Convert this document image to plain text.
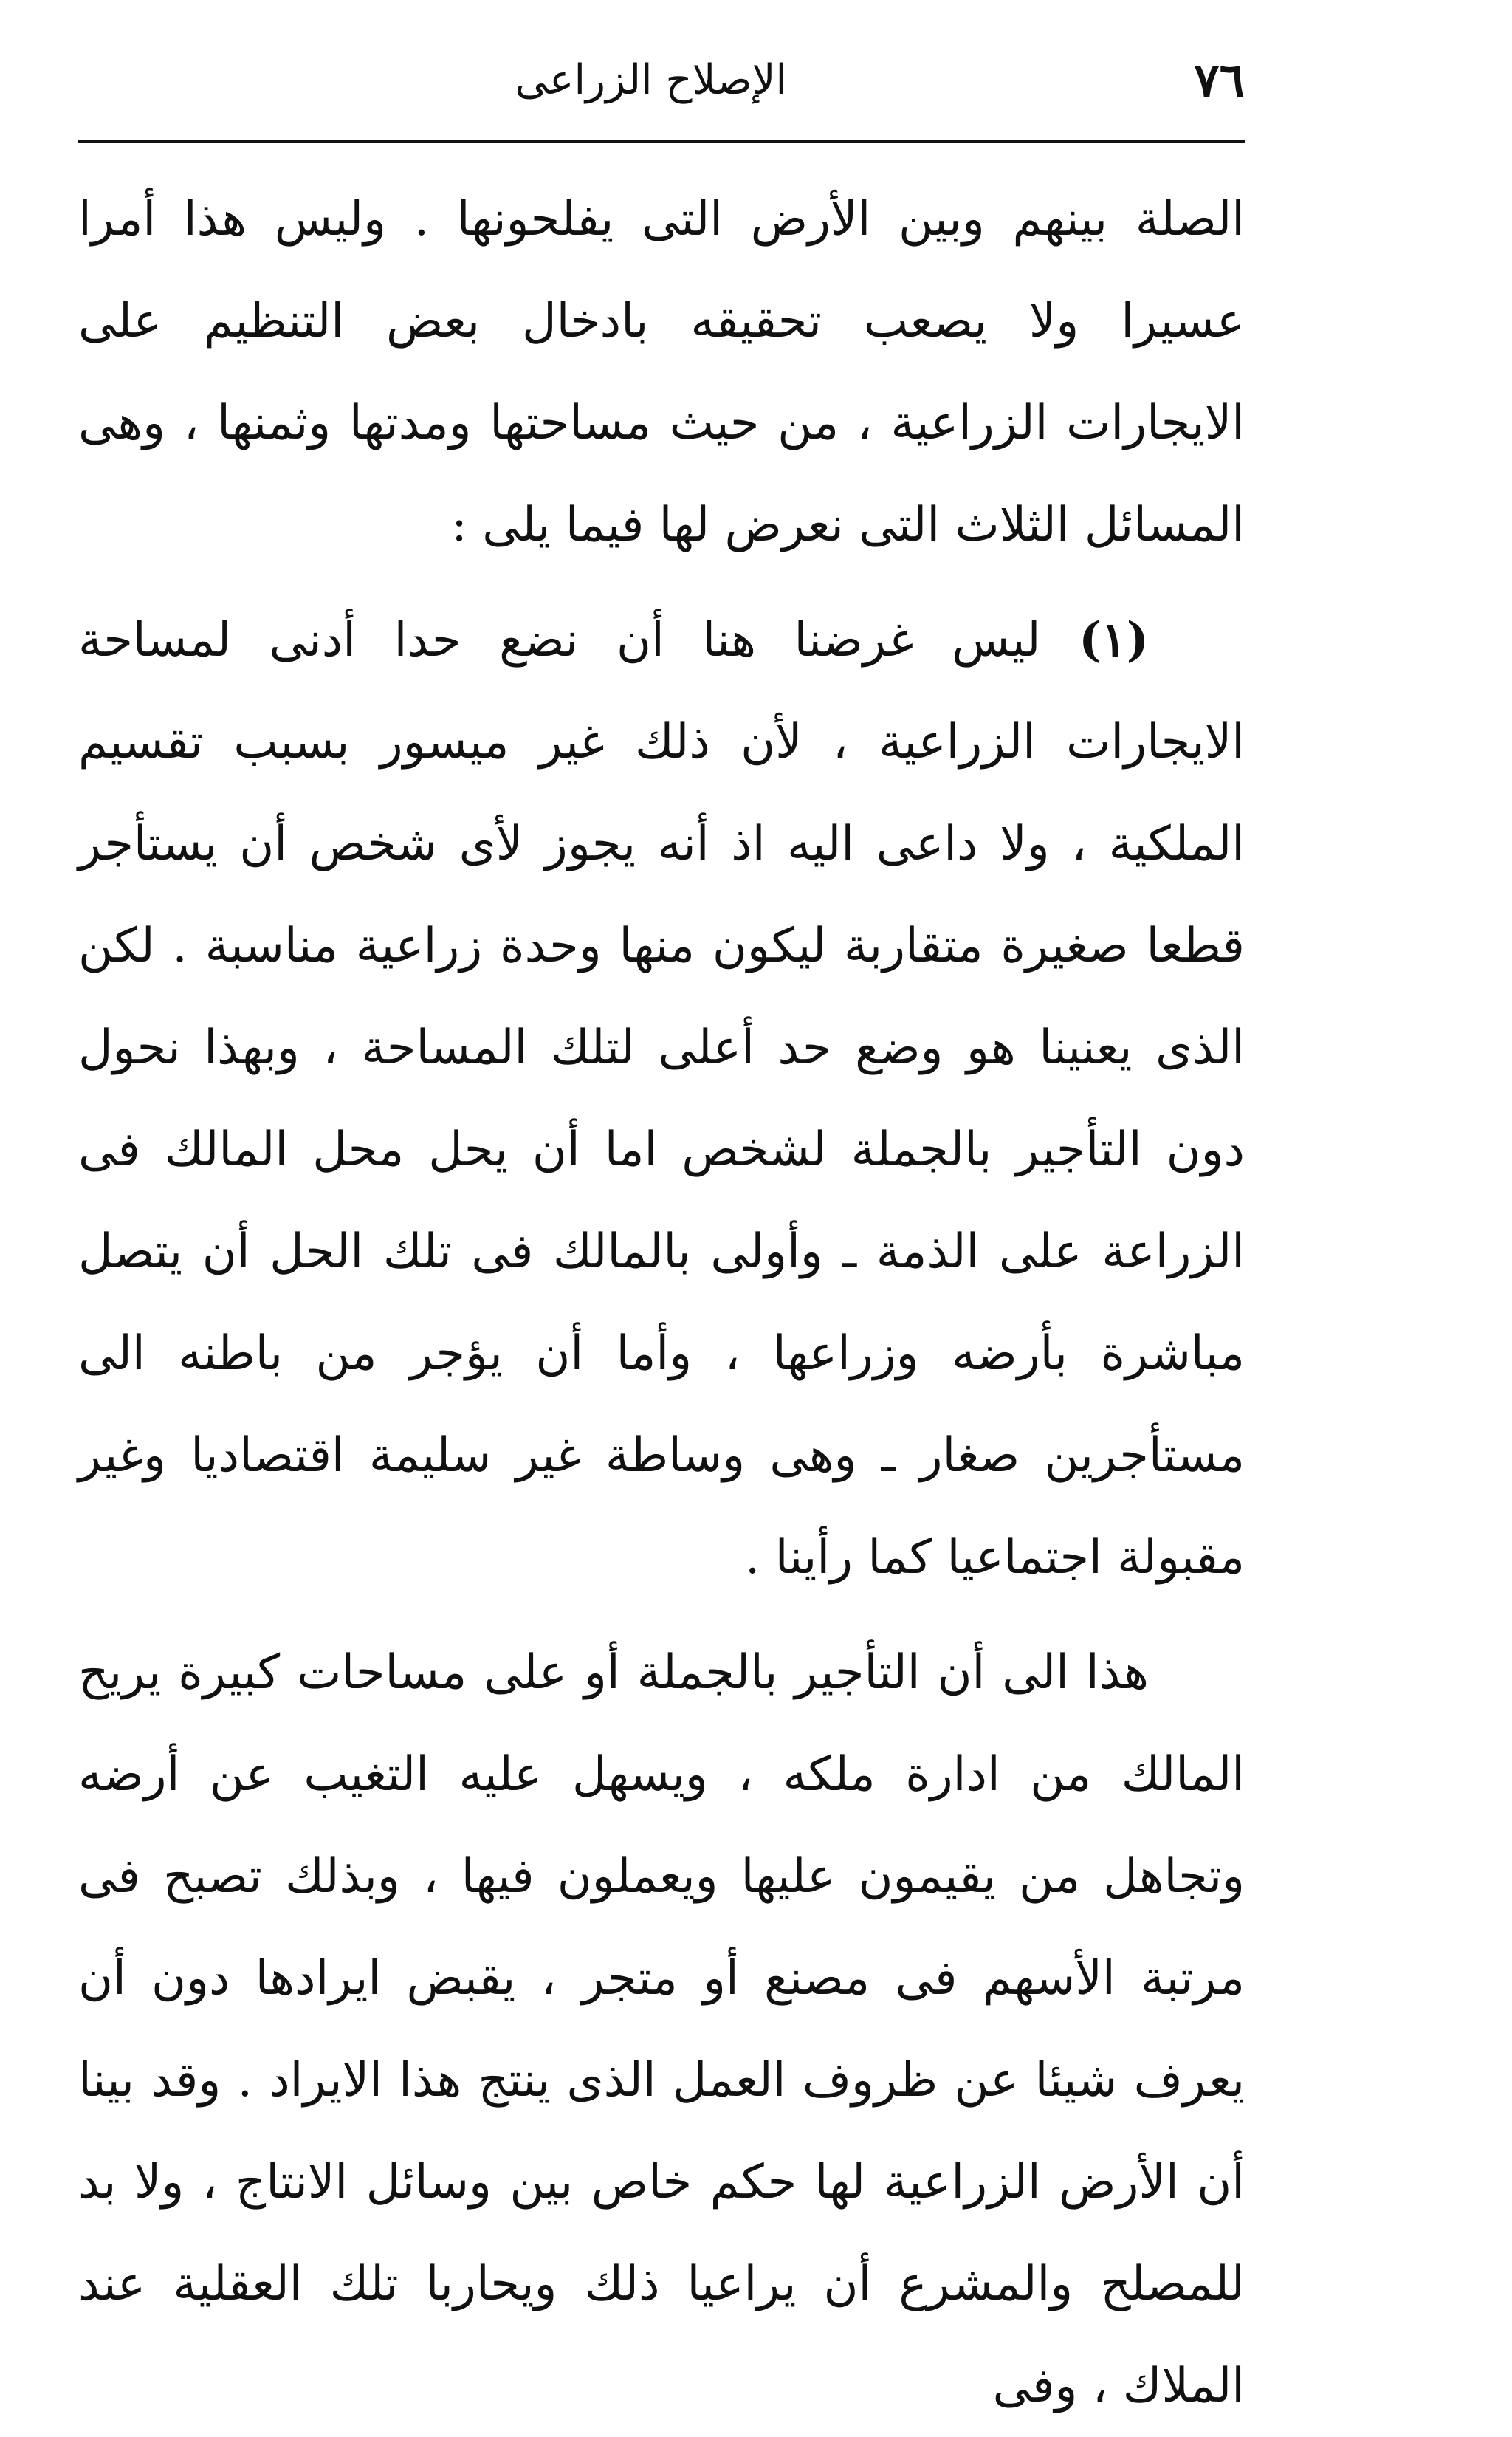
٧٦
الإصلاح الزراعى

الصلة بينهم وبين الأرض التى يفلحونها . وليس هذا أمرا عسيرا ولا يصعب تحقيقه بادخال بعض التنظيم على الايجارات الزراعية ، من حيث مساحتها ومدتها وثمنها ، وهى المسائل الثلاث التى نعرض لها فيما يلى :

(١) ليس غرضنا هنا أن نضع حدا أدنى لمساحة الايجارات الزراعية ، لأن ذلك غير ميسور بسبب تقسيم الملكية ، ولا داعى اليه اذ أنه يجوز لأى شخص أن يستأجر قطعا صغيرة متقاربة ليكون منها وحدة زراعية مناسبة . لكن الذى يعنينا هو وضع حد أعلى لتلك المساحة ، وبهذا نحول دون التأجير بالجملة لشخص اما أن يحل محل المالك فى الزراعة على الذمة ـ وأولى بالمالك فى تلك الحل أن يتصل مباشرة بأرضه وزراعها ، وأما أن يؤجر من باطنه الى مستأجرين صغار ـ وهى وساطة غير سليمة اقتصاديا وغير مقبولة اجتماعيا كما رأينا .

هذا الى أن التأجير بالجملة أو على مساحات كبيرة يريح المالك من ادارة ملكه ، ويسهل عليه التغيب عن أرضه وتجاهل من يقيمون عليها ويعملون فيها ، وبذلك تصبح فى مرتبة الأسهم فى مصنع أو متجر ، يقبض ايرادها دون أن يعرف شيئا عن ظروف العمل الذى ينتج هذا الايراد . وقد بينا أن الأرض الزراعية لها حكم خاص بين وسائل الانتاج ، ولا بد للمصلح والمشرع أن يراعيا ذلك ويحاربا تلك العقلية عند الملاك ، وفى
